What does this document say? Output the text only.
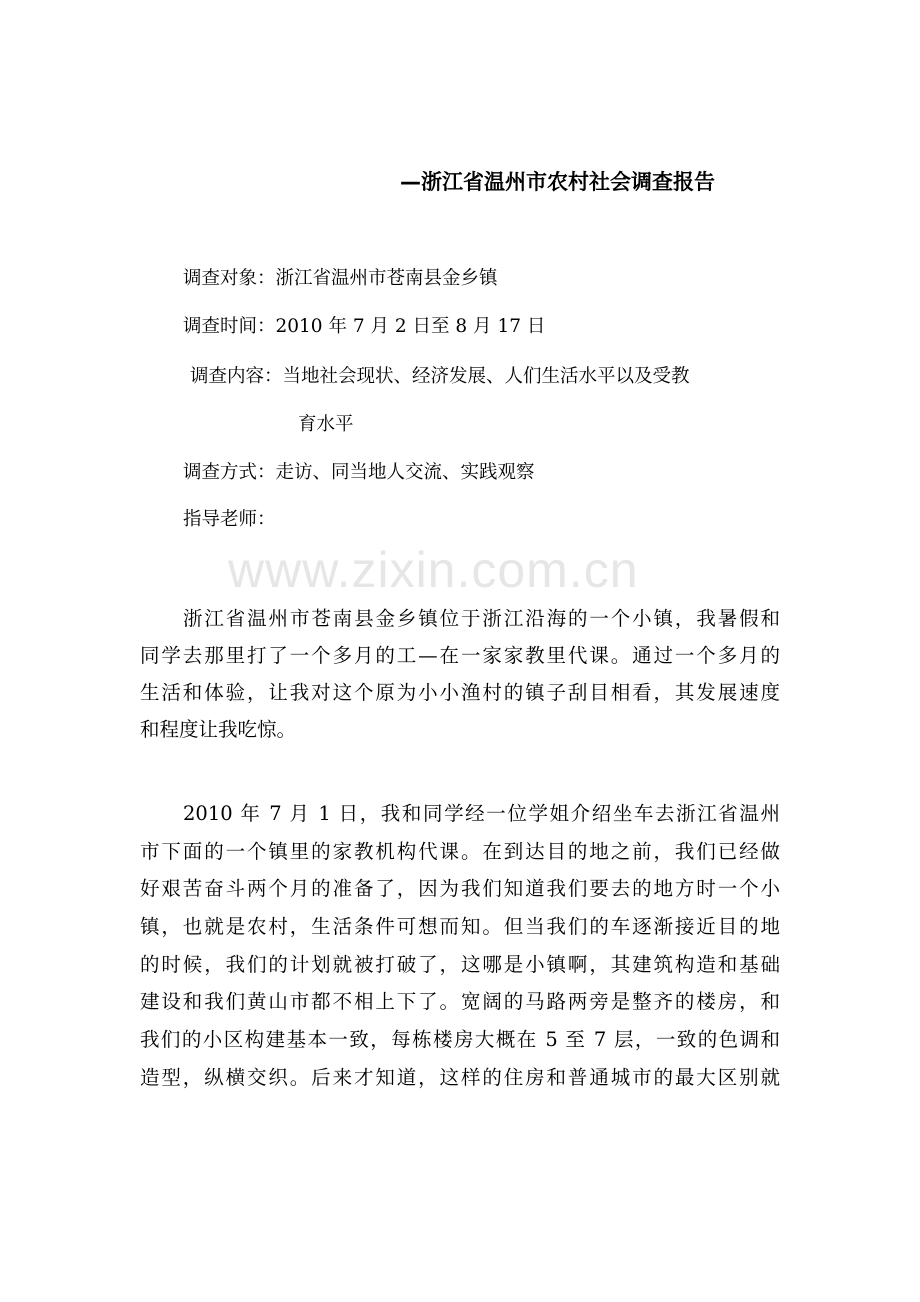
www.zixin.com.cn
—浙江省温州市农村社会调查报告
调查对象：浙江省温州市苍南县金乡镇
调查时间：2010 年 7 月 2 日至 8 月 17 日
调查内容：当地社会现状、经济发展、人们生活水平以及受教
育水平
调查方式：走访、同当地人交流、实践观察
指导老师：
浙江省温州市苍南县金乡镇位于浙江沿海的一个小镇，我暑假和
同学去那里打了一个多月的工—在一家家教里代课。通过一个多月的
生活和体验，让我对这个原为小小渔村的镇子刮目相看，其发展速度
和程度让我吃惊。
2010 年 7 月 1 日，我和同学经一位学姐介绍坐车去浙江省温州
市下面的一个镇里的家教机构代课。在到达目的地之前，我们已经做
好艰苦奋斗两个月的准备了，因为我们知道我们要去的地方时一个小
镇，也就是农村，生活条件可想而知。但当我们的车逐渐接近目的地
的时候，我们的计划就被打破了，这哪是小镇啊，其建筑构造和基础
建设和我们黄山市都不相上下了。宽阔的马路两旁是整齐的楼房，和
我们的小区构建基本一致，每栋楼房大概在 5 至 7 层，一致的色调和
造型，纵横交织。后来才知道，这样的住房和普通城市的最大区别就
